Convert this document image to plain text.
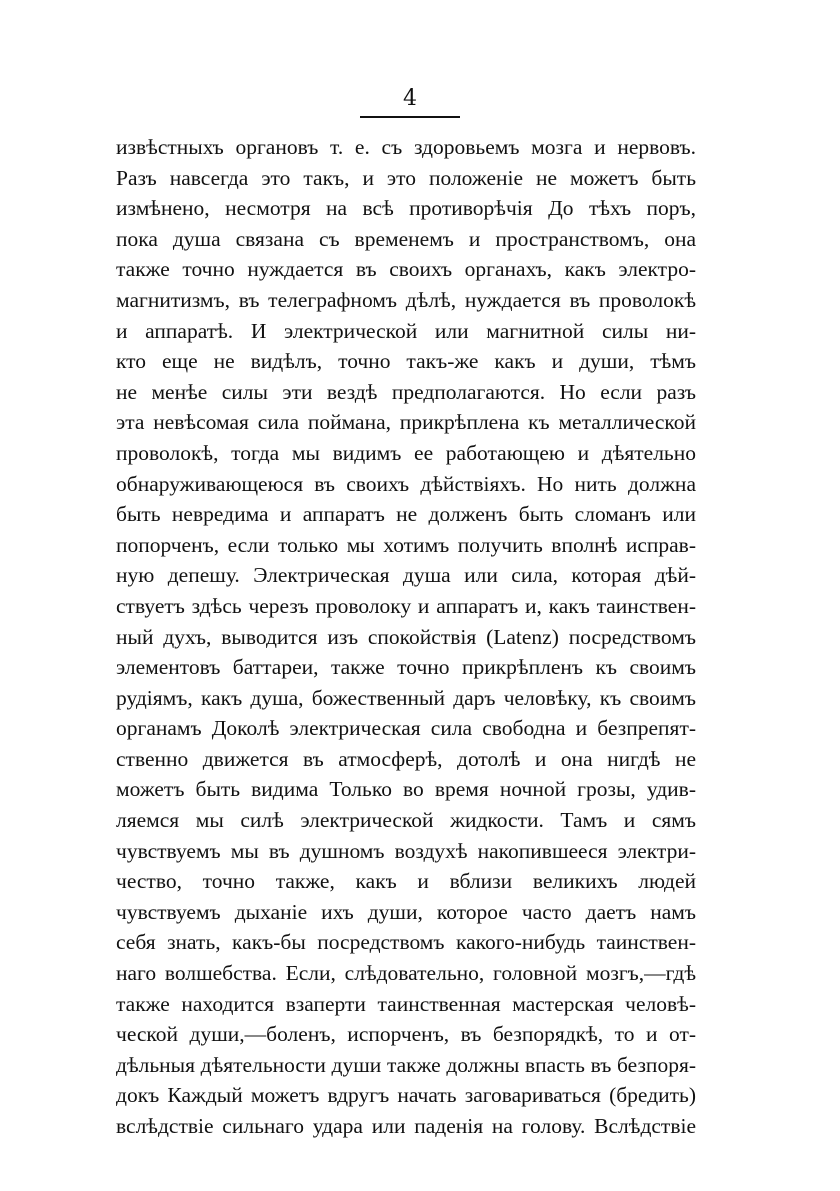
4
извѣстныхъ органовъ т. е. съ здоровьемъ мозга и нервовъ.
Разъ навсегда это такъ, и это положеніе не можетъ быть
измѣнено, несмотря на всѣ противорѣчія До тѣхъ поръ,
пока душа связана съ временемъ и пространствомъ, она
также точно нуждается въ своихъ органахъ, какъ электро-
магнитизмъ, въ телеграфномъ дѣлѣ, нуждается въ проволокѣ
и аппаратѣ. И электрической или магнитной силы ни-
кто еще не видѣлъ, точно такъ-же какъ и души, тѣмъ
не менѣе силы эти вездѣ предполагаются. Но если разъ
эта невѣсомая сила поймана, прикрѣплена къ металлической
проволокѣ, тогда мы видимъ ее работающею и дѣятельно
обнаруживающеюся въ своихъ дѣйствіяхъ. Но нить должна
быть невредима и аппаратъ не долженъ быть сломанъ или
попорченъ, если только мы хотимъ получить вполнѣ исправ-
ную депешу. Электрическая душа или сила, которая дѣй-
ствуетъ здѣсь черезъ проволоку и аппаратъ и, какъ таинствен-
ный духъ, выводится изъ спокойствія (Latenz) посредствомъ
элементовъ баттареи, также точно прикрѣпленъ къ своимъ
рудіямъ, какъ душа, божественный даръ человѣку, къ своимъ
органамъ Доколѣ электрическая сила свободна и безпрепят-
ственно движется въ атмосферѣ, дотолѣ и она нигдѣ не
можетъ быть видима Только во время ночной грозы, удив-
ляемся мы силѣ электрической жидкости. Тамъ и сямъ
чувствуемъ мы въ душномъ воздухѣ накопившееся электри-
чество, точно также, какъ и вблизи великихъ людей
чувствуемъ дыханіе ихъ души, которое часто даетъ намъ
себя знать, какъ-бы посредствомъ какого-нибудь таинствен-
наго волшебства. Если, слѣдовательно, головной мозгъ,—гдѣ
также находится взаперти таинственная мастерская человѣ-
ческой души,—боленъ, испорченъ, въ безпорядкѣ, то и от-
дѣльныя дѣятельности души также должны впасть въ безпоря-
докъ Каждый можетъ вдругъ начать заговариваться (бредить)
вслѣдствіе сильнаго удара или паденія на голову. Вслѣдствіе
